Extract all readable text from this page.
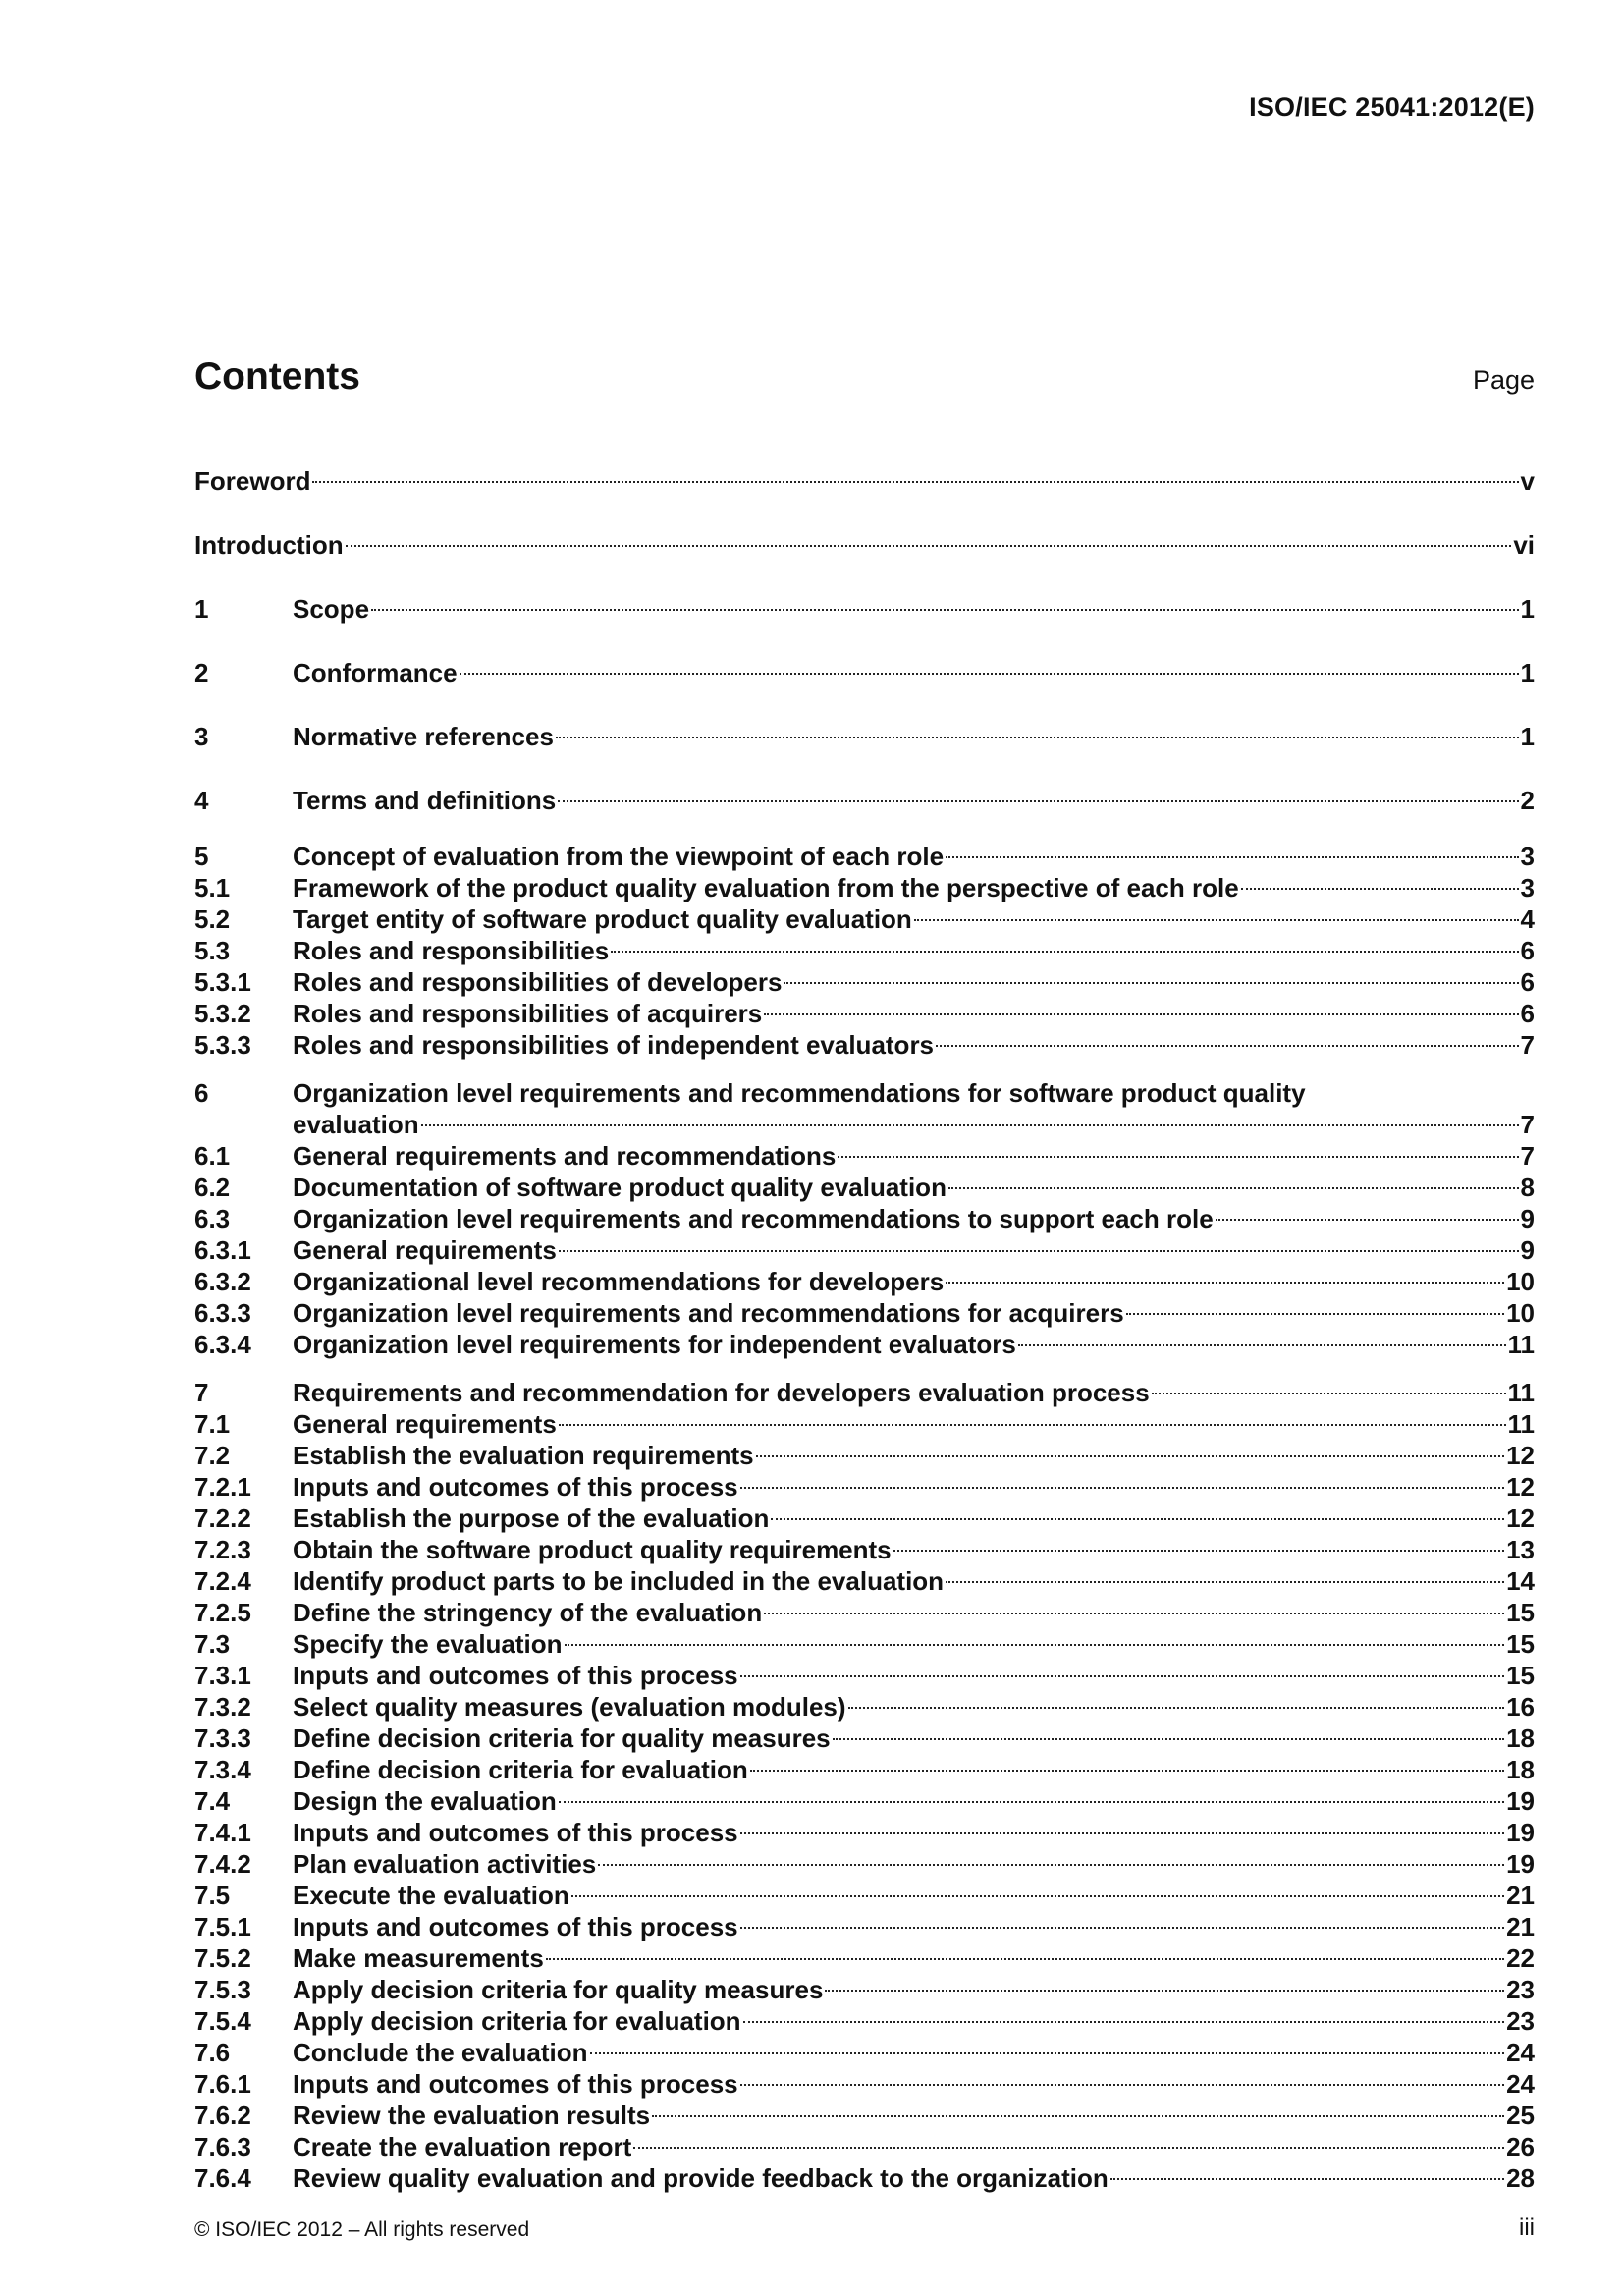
ISO/IEC 25041:2012(E)
Contents	Page
Foreword	v
Introduction	vi
1	Scope	1
2	Conformance	1
3	Normative references	1
4	Terms and definitions	2
5	Concept of evaluation from the viewpoint of each role	3
5.1	Framework of the product quality evaluation from the perspective of each role	3
5.2	Target entity of software product quality evaluation	4
5.3	Roles and responsibilities	6
5.3.1	Roles and responsibilities of developers	6
5.3.2	Roles and responsibilities of acquirers	6
5.3.3	Roles and responsibilities of independent evaluators	7
6	Organization level requirements and recommendations for software product quality
evaluation	7
6.1	General requirements and recommendations	7
6.2	Documentation of software product quality evaluation	8
6.3	Organization level requirements and recommendations to support each role	9
6.3.1	General requirements	9
6.3.2	Organizational level recommendations for developers	10
6.3.3	Organization level requirements and recommendations for acquirers	10
6.3.4	Organization level requirements for independent evaluators	11
7	Requirements and recommendation for developers evaluation process	11
7.1	General requirements	11
7.2	Establish the evaluation requirements	12
7.2.1	Inputs and outcomes of this process	12
7.2.2	Establish the purpose of the evaluation	12
7.2.3	Obtain the software product quality requirements	13
7.2.4	Identify product parts to be included in the evaluation	14
7.2.5	Define the stringency of the evaluation	15
7.3	Specify the evaluation	15
7.3.1	Inputs and outcomes of this process	15
7.3.2	Select quality measures (evaluation modules)	16
7.3.3	Define decision criteria for quality measures	18
7.3.4	Define decision criteria for evaluation	18
7.4	Design the evaluation	19
7.4.1	Inputs and outcomes of this process	19
7.4.2	Plan evaluation activities	19
7.5	Execute the evaluation	21
7.5.1	Inputs and outcomes of this process	21
7.5.2	Make measurements	22
7.5.3	Apply decision criteria for quality measures	23
7.5.4	Apply decision criteria for evaluation	23
7.6	Conclude the evaluation	24
7.6.1	Inputs and outcomes of this process	24
7.6.2	Review the evaluation results	25
7.6.3	Create the evaluation report	26
7.6.4	Review quality evaluation and provide feedback to the organization	28
© ISO/IEC 2012 – All rights reserved	iii
